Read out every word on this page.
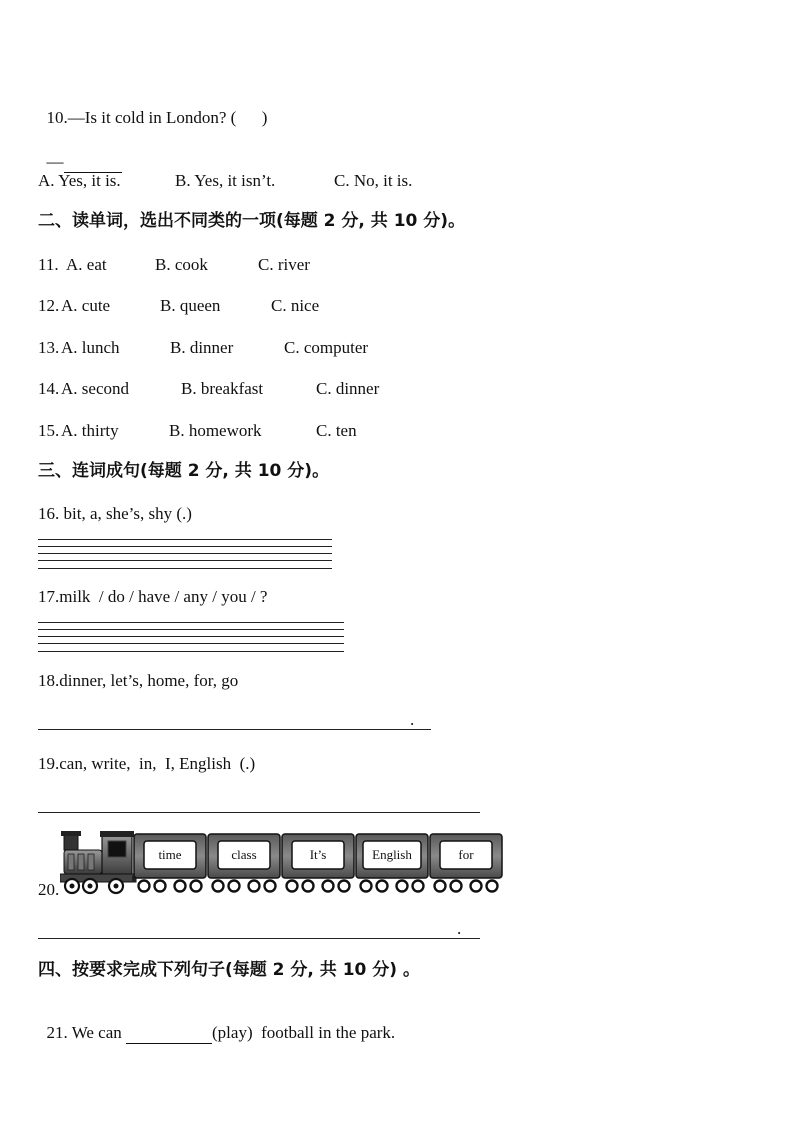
10.—Is it cold in London? (      )

—

A. Yes, it is.	B. Yes, it isn’t.	C. No, it is.
二、读单词，选出不同类的一项(每题 2 分, 共 10 分)。
11. A. eat	B. cook	C. river
12. A. cute	B. queen	C. nice
13. A. lunch	B. dinner	C. computer
14. A. second	B. breakfast	C. dinner
15. A. thirty	B. homework	C. ten
三、连词成句(每题 2 分, 共 10 分)。
16. bit, a, she’s, shy (.)
17.milk  / do / have / any / you / ?
18.dinner, let’s, home, for, go
.
19.can, write,  in,  I, English  (.)
20.
time	class	It’s	English	for
.
四、按要求完成下列句子(每题 2 分, 共 10 分) 。

21. We can	(play)  football in the park.
